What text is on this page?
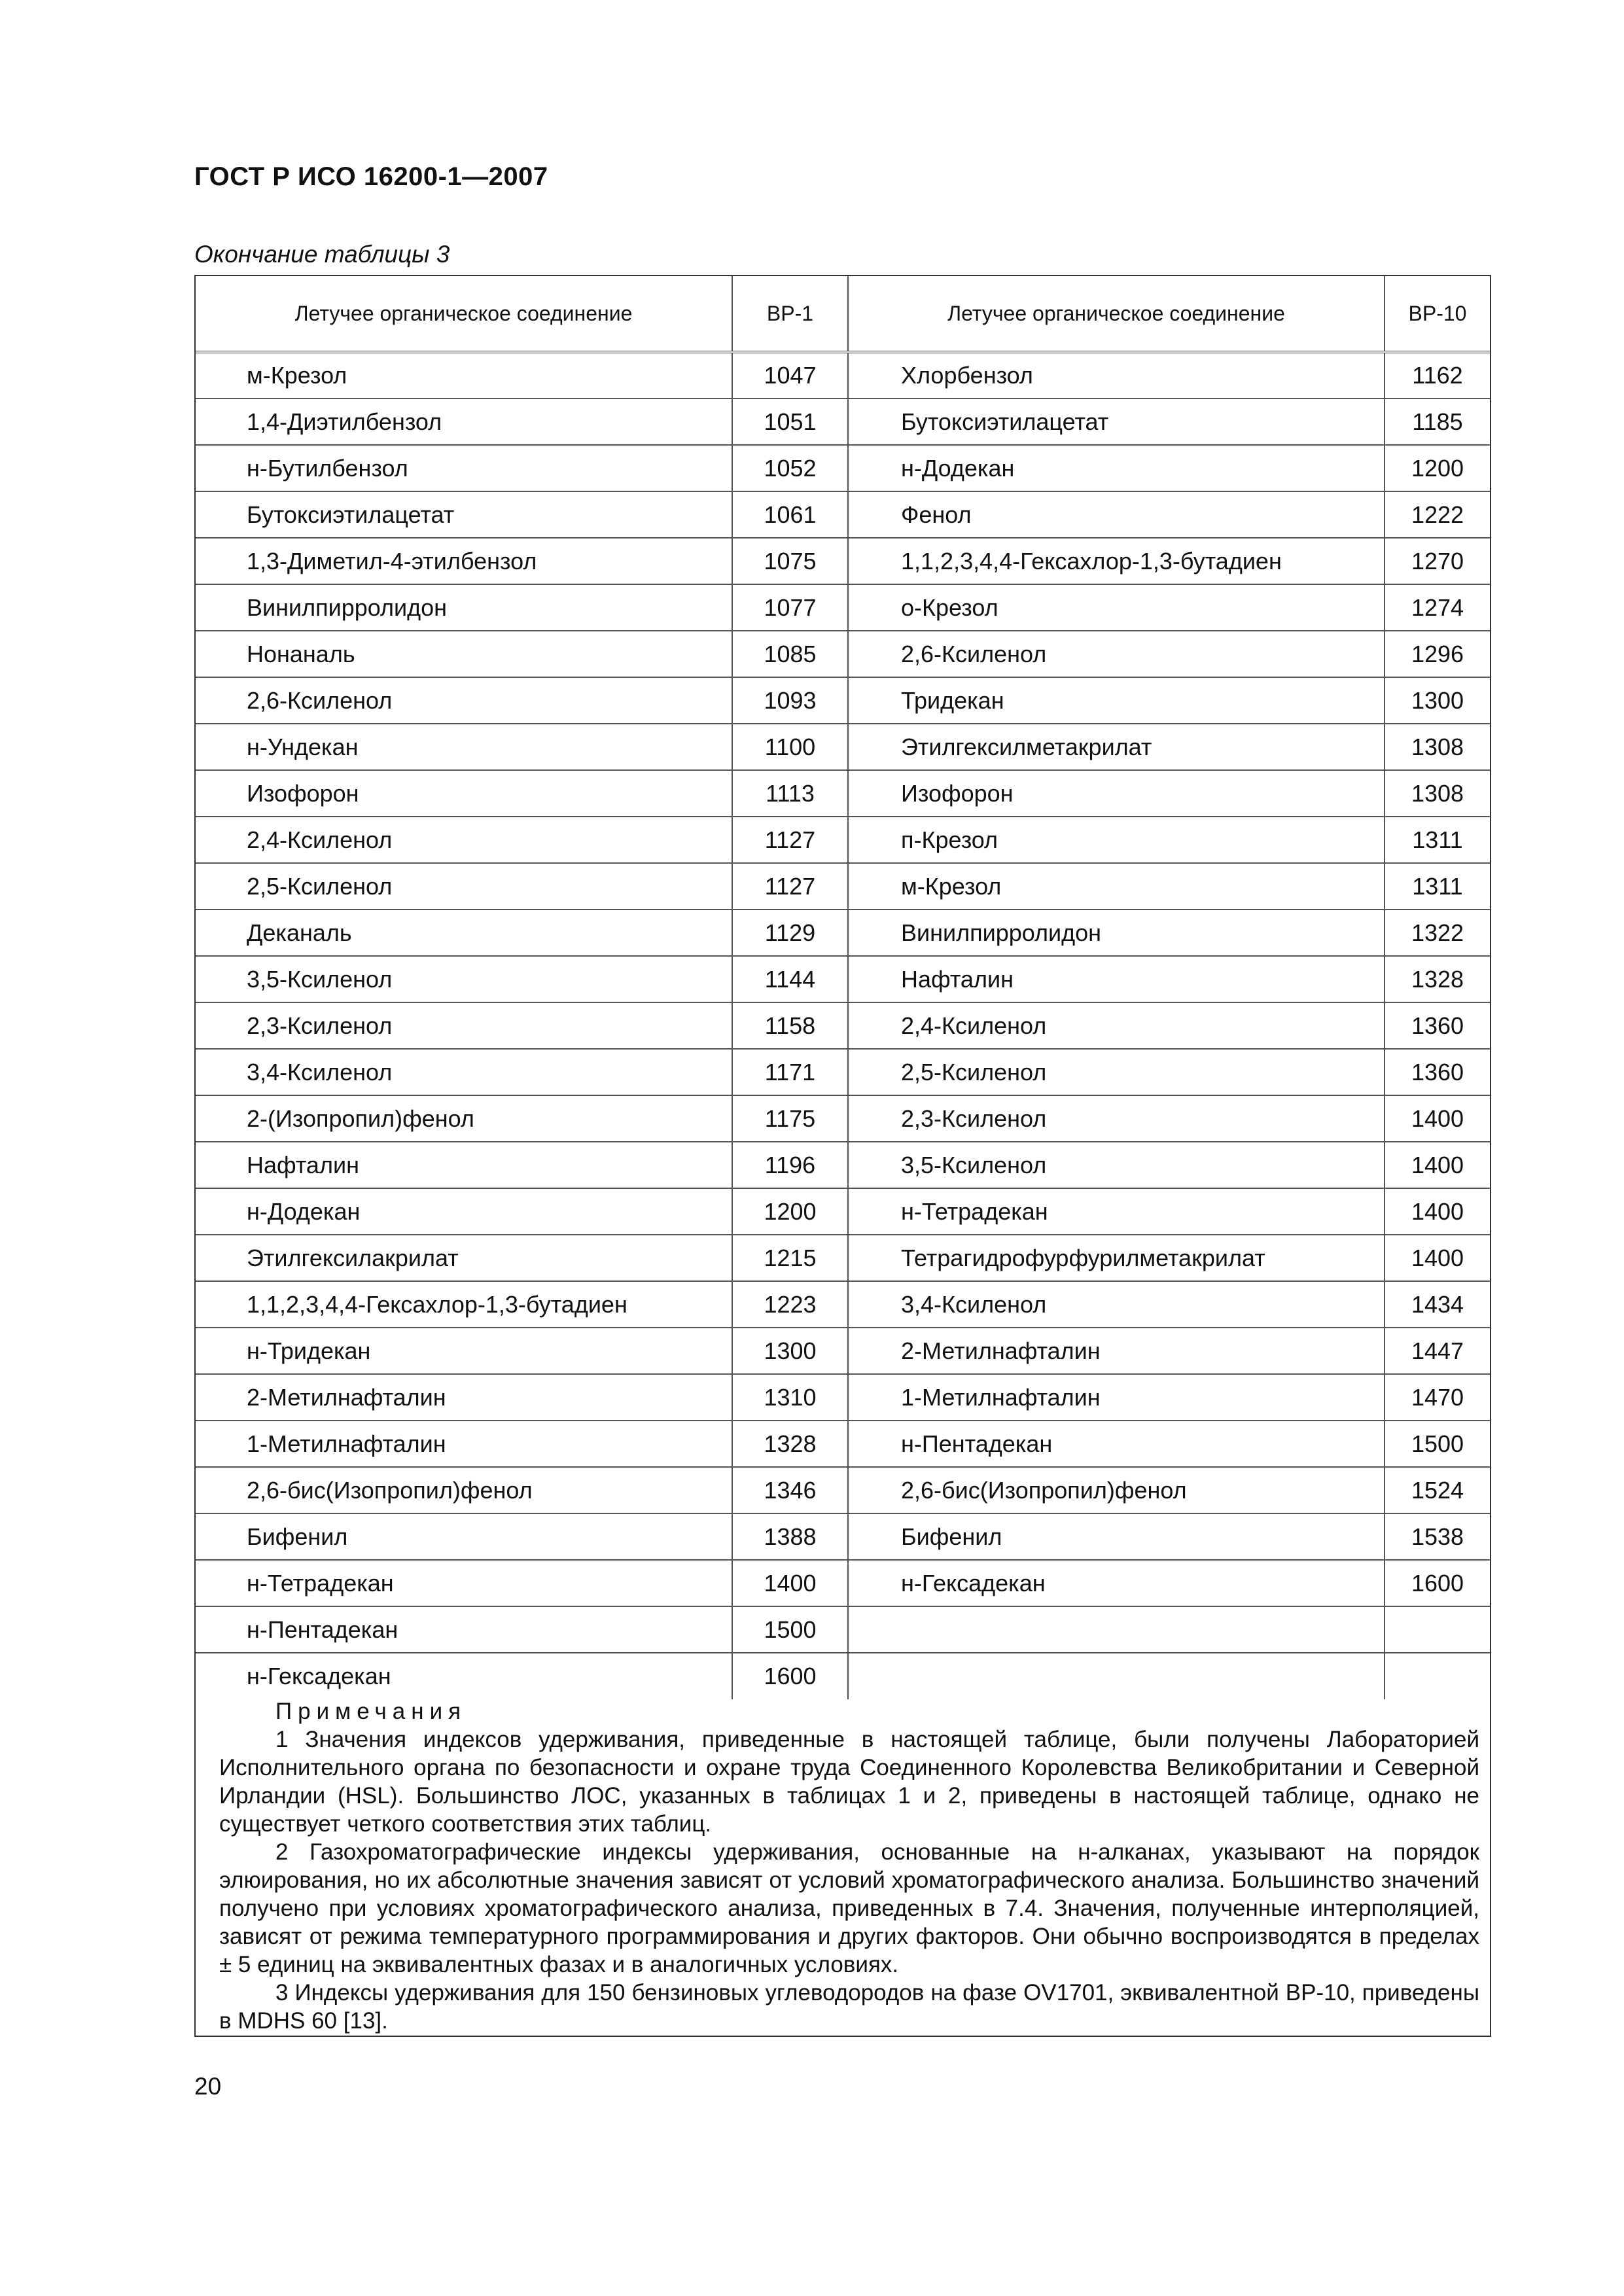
ГОСТ Р ИСО 16200-1—2007
Окончание таблицы 3
Летучее органическое соединение	BP-1	Летучее органическое соединение	BP-10
м-Крезол	1047	Хлорбензол	1162
1,4-Диэтилбензол	1051	Бутоксиэтилацетат	1185
н-Бутилбензол	1052	н-Додекан	1200
Бутоксиэтилацетат	1061	Фенол	1222
1,3-Диметил-4-этилбензол	1075	1,1,2,3,4,4-Гексахлор-1,3-бутадиен	1270
Винилпирролидон	1077	о-Крезол	1274
Нонаналь	1085	2,6-Ксиленол	1296
2,6-Ксиленол	1093	Тридекан	1300
н-Ундекан	1100	Этилгексилметакрилат	1308
Изофорон	1113	Изофорон	1308
2,4-Ксиленол	1127	п-Крезол	1311
2,5-Ксиленол	1127	м-Крезол	1311
Деканаль	1129	Винилпирролидон	1322
3,5-Ксиленол	1144	Нафталин	1328
2,3-Ксиленол	1158	2,4-Ксиленол	1360
3,4-Ксиленол	1171	2,5-Ксиленол	1360
2-(Изопропил)фенол	1175	2,3-Ксиленол	1400
Нафталин	1196	3,5-Ксиленол	1400
н-Додекан	1200	н-Тетрадекан	1400
Этилгексилакрилат	1215	Тетрагидрофурфурилметакрилат	1400
1,1,2,3,4,4-Гексахлор-1,3-бутадиен	1223	3,4-Ксиленол	1434
н-Тридекан	1300	2-Метилнафталин	1447
2-Метилнафталин	1310	1-Метилнафталин	1470
1-Метилнафталин	1328	н-Пентадекан	1500
2,6-бис(Изопропил)фенол	1346	2,6-бис(Изопропил)фенол	1524
Бифенил	1388	Бифенил	1538
н-Тетрадекан	1400	н-Гексадекан	1600
н-Пентадекан	1500		
н-Гексадекан	1600		
Примечания

1 Значения индексов удерживания, приведенные в настоящей таблице, были получены Лабораторией Исполнительного органа по безопасности и охране труда Соединенного Королевства Великобритании и Северной Ирландии (HSL). Большинство ЛОС, указанных в таблицах 1 и 2, приведены в настоящей таблице, однако не существует четкого соответствия этих таблиц.

2 Газохроматографические индексы удерживания, основанные на н-алканах, указывают на порядок элюирования, но их абсолютные значения зависят от условий хроматографического анализа. Большинство значений получено при условиях хроматографического анализа, приведенных в 7.4. Значения, полученные интерполяцией, зависят от режима температурного программирования и других факторов. Они обычно воспроизводятся в пределах ± 5 единиц на эквивалентных фазах и в аналогичных условиях.

3 Индексы удерживания для 150 бензиновых углеводородов на фазе OV1701, эквивалентной BP-10, приведены в MDHS 60 [13].

20
